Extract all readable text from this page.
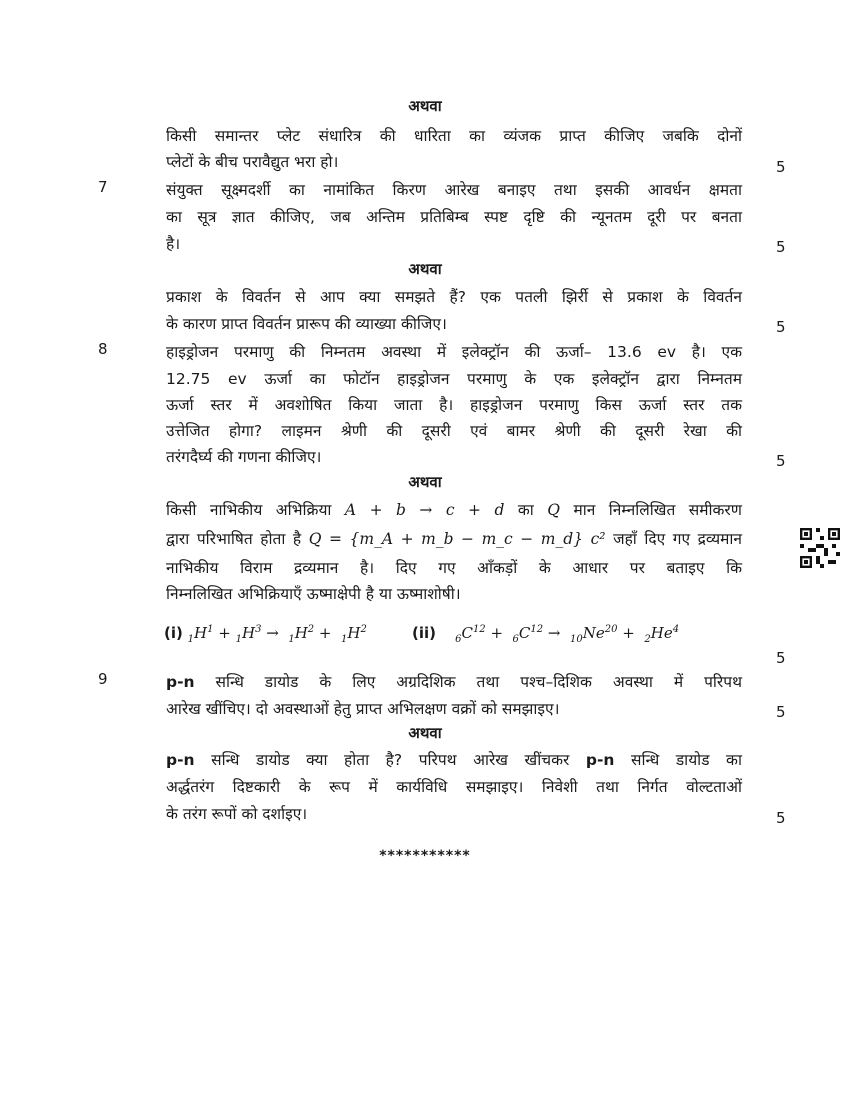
अथवा
किसी समान्तर प्लेट संधारित्र की धारिता का व्यंजक प्राप्त कीजिए जबकि दोनों
प्लेटों के बीच परावैद्युत भरा हो।	5
7	संयुक्त सूक्ष्मदर्शी का नामांकित किरण आरेख बनाइए तथा इसकी आवर्धन क्षमता
का सूत्र ज्ञात कीजिए, जब अन्तिम प्रतिबिम्ब स्पष्ट दृष्टि की न्यूनतम दूरी पर बनता
है।	5
अथवा
प्रकाश के विवर्तन से आप क्या समझते हैं? एक पतली झिर्री से प्रकाश के विवर्तन
के कारण प्राप्त विवर्तन प्रारूप की व्याख्या कीजिए।	5
8	हाइड्रोजन परमाणु की निम्नतम अवस्था में इलेक्ट्रॉन की ऊर्जा– 13.6 ev है। एक
12.75 ev ऊर्जा का फोटॉन हाइड्रोजन परमाणु के एक इलेक्ट्रॉन द्वारा निम्नतम
ऊर्जा स्तर में अवशोषित किया जाता है। हाइड्रोजन परमाणु किस ऊर्जा स्तर तक
उत्तेजित होगा? लाइमन श्रेणी की दूसरी एवं बामर श्रेणी की दूसरी रेखा की
तरंगदैर्घ्य की गणना कीजिए।	5
अथवा
किसी नाभिकीय अभिक्रिया A + b → c + d का Q मान निम्नलिखित समीकरण
द्वारा परिभाषित होता है Q = {m_A + m_b − m_c − m_d} c² जहाँ दिए गए द्रव्यमान
नाभिकीय विराम द्रव्यमान है। दिए गए आँकड़ों के आधार पर बताइए कि
निम्नलिखित अभिक्रियाएँ ऊष्माक्षेपी है या ऊष्माशोषी।
(i) $_1H^1 + _1H^3 \to _1H^2 + _1H^2$	(ii) $_6C^{12} + _6C^{12} \to _{10}Ne^{20} + _2He^4$
5
9	p-n सन्धि डायोड के लिए अग्रदिशिक तथा पश्च–दिशिक अवस्था में परिपथ
आरेख खींचिए। दो अवस्थाओं हेतु प्राप्त अभिलक्षण वक्रों को समझाइए।	5
अथवा
p-n सन्धि डायोड क्या होता है? परिपथ आरेख खींचकर p-n सन्धि डायोड का
अर्द्धतरंग दिष्टकारी के रूप में कार्यविधि समझाइए। निवेशी तथा निर्गत वोल्टताओं
के तरंग रूपों को दर्शाइए।	5
***********
